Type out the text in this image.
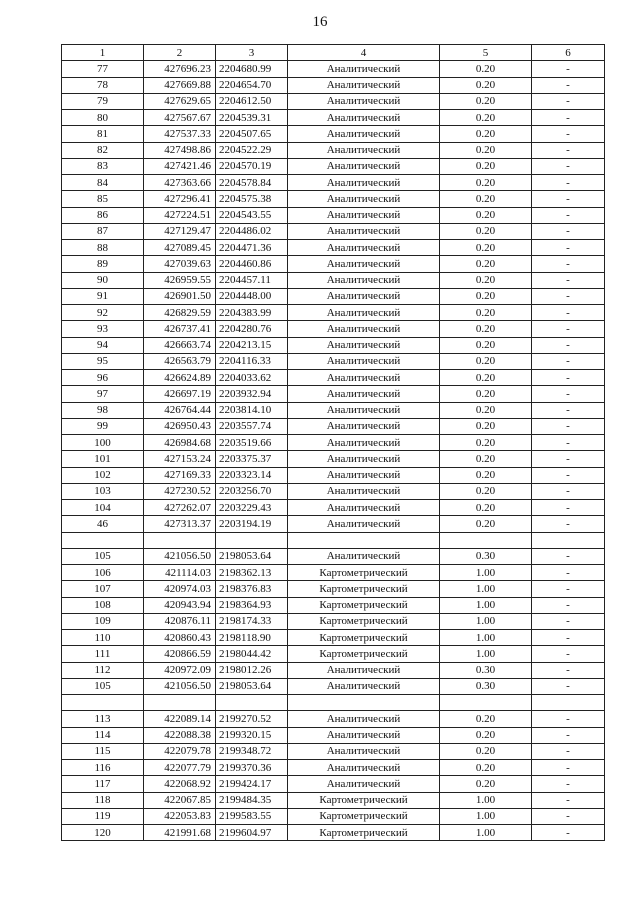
16
1	2	3	4	5	6
77	427696.23	2204680.99	Аналитический	0.20	-
78	427669.88	2204654.70	Аналитический	0.20	-
79	427629.65	2204612.50	Аналитический	0.20	-
80	427567.67	2204539.31	Аналитический	0.20	-
81	427537.33	2204507.65	Аналитический	0.20	-
82	427498.86	2204522.29	Аналитический	0.20	-
83	427421.46	2204570.19	Аналитический	0.20	-
84	427363.66	2204578.84	Аналитический	0.20	-
85	427296.41	2204575.38	Аналитический	0.20	-
86	427224.51	2204543.55	Аналитический	0.20	-
87	427129.47	2204486.02	Аналитический	0.20	-
88	427089.45	2204471.36	Аналитический	0.20	-
89	427039.63	2204460.86	Аналитический	0.20	-
90	426959.55	2204457.11	Аналитический	0.20	-
91	426901.50	2204448.00	Аналитический	0.20	-
92	426829.59	2204383.99	Аналитический	0.20	-
93	426737.41	2204280.76	Аналитический	0.20	-
94	426663.74	2204213.15	Аналитический	0.20	-
95	426563.79	2204116.33	Аналитический	0.20	-
96	426624.89	2204033.62	Аналитический	0.20	-
97	426697.19	2203932.94	Аналитический	0.20	-
98	426764.44	2203814.10	Аналитический	0.20	-
99	426950.43	2203557.74	Аналитический	0.20	-
100	426984.68	2203519.66	Аналитический	0.20	-
101	427153.24	2203375.37	Аналитический	0.20	-
102	427169.33	2203323.14	Аналитический	0.20	-
103	427230.52	2203256.70	Аналитический	0.20	-
104	427262.07	2203229.43	Аналитический	0.20	-
46	427313.37	2203194.19	Аналитический	0.20	-

105	421056.50	2198053.64	Аналитический	0.30	-
106	421114.03	2198362.13	Картометрический	1.00	-
107	420974.03	2198376.83	Картометрический	1.00	-
108	420943.94	2198364.93	Картометрический	1.00	-
109	420876.11	2198174.33	Картометрический	1.00	-
110	420860.43	2198118.90	Картометрический	1.00	-
111	420866.59	2198044.42	Картометрический	1.00	-
112	420972.09	2198012.26	Аналитический	0.30	-
105	421056.50	2198053.64	Аналитический	0.30	-

113	422089.14	2199270.52	Аналитический	0.20	-
114	422088.38	2199320.15	Аналитический	0.20	-
115	422079.78	2199348.72	Аналитический	0.20	-
116	422077.79	2199370.36	Аналитический	0.20	-
117	422068.92	2199424.17	Аналитический	0.20	-
118	422067.85	2199484.35	Картометрический	1.00	-
119	422053.83	2199583.55	Картометрический	1.00	-
120	421991.68	2199604.97	Картометрический	1.00	-
